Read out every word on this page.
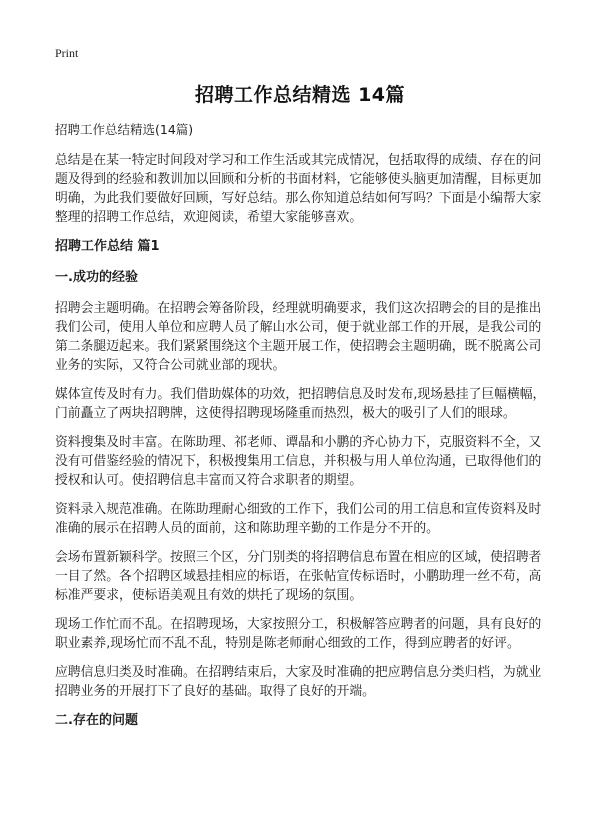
Print
招聘工作总结精选 14篇
招聘工作总结精选(14篇)

总结是在某一特定时间段对学习和工作生活或其完成情况，包括取得的成绩、存在的问题及得到的经验和教训加以回顾和分析的书面材料，它能够使头脑更加清醒，目标更加明确，为此我们要做好回顾，写好总结。那么你知道总结如何写吗？下面是小编帮大家整理的招聘工作总结，欢迎阅读，希望大家能够喜欢。

招聘工作总结 篇1
一.成功的经验

招聘会主题明确。在招聘会筹备阶段，经理就明确要求，我们这次招聘会的目的是推出我们公司，使用人单位和应聘人员了解山水公司，便于就业部工作的开展，是我公司的第二条腿迈起来。我们紧紧围绕这个主题开展工作，使招聘会主题明确，既不脱离公司业务的实际，又符合公司就业部的现状。

媒体宣传及时有力。我们借助媒体的功效，把招聘信息及时发布,现场悬挂了巨幅横幅，门前矗立了两块招聘牌，这使得招聘现场隆重而热烈，极大的吸引了人们的眼球。

资料搜集及时丰富。在陈助理、祁老师、谭晶和小鹏的齐心协力下，克服资料不全，又没有可借鉴经验的情况下，积极搜集用工信息，并积极与用人单位沟通，已取得他们的授权和认可。使招聘信息丰富而又符合求职者的期望。

资料录入规范准确。在陈助理耐心细致的工作下，我们公司的用工信息和宣传资料及时准确的展示在招聘人员的面前，这和陈助理辛勤的工作是分不开的。

会场布置新颖科学。按照三个区，分门别类的将招聘信息布置在相应的区域，使招聘者一目了然。各个招聘区域悬挂相应的标语，在张帖宣传标语时，小鹏助理一丝不苟，高标准严要求，使标语美观且有效的烘托了现场的氛围。

现场工作忙而不乱。在招聘现场，大家按照分工，积极解答应聘者的问题，具有良好的职业素养,现场忙而不乱不乱，特别是陈老师耐心细致的工作，得到应聘者的好评。

应聘信息归类及时准确。在招聘结束后，大家及时准确的把应聘信息分类归档，为就业招聘业务的开展打下了良好的基础。取得了良好的开端。

二.存在的问题
